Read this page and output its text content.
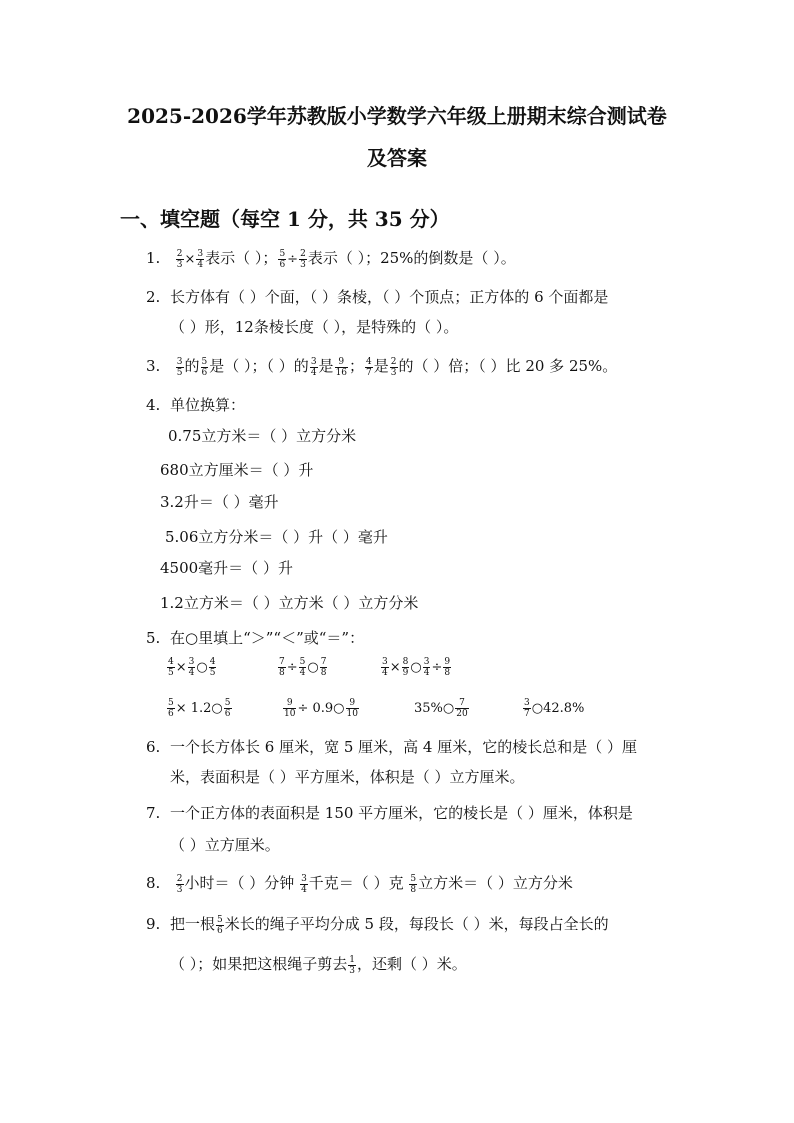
2025-2026学年苏教版小学数学六年级上册期末综合测试卷
及答案
一、填空题（每空 1 分，共 35 分）
1. $\frac{2}{3} \times \frac{3}{4}$ 表示（ ）； $\frac{5}{6} \div \frac{2}{3}$ 表示（ ）；25%的倒数是（ ）。
2. 长方体有（ ）个面，（ ）条棱，（ ）个顶点；正方体的 6 个面都是
（ ）形，12条棱长度（ ），是特殊的（ ）。
3. $\frac{3}{5}$ 的 $\frac{5}{6}$ 是（ ）；（ ）的 $\frac{3}{4}$ 是 $\frac{9}{16}$ ； $\frac{4}{7}$ 是 $\frac{2}{3}$ 的（ ）倍；（ ）比 20 多 25%。
4. 单位换算：
0.75立方米＝（ ）立方分米
680立方厘米＝（ ）升
3.2升＝（ ）毫升
5.06立方分米＝（ ）升（ ）毫升
4500毫升＝（ ）升
1.2立方米＝（ ）立方米（ ）立方分米
5. 在○里填上“＞”“＜”或“＝”：
$\frac{4}{5} \times \frac{3}{4}$ ○ $\frac{4}{5}$	$\frac{7}{8} \div \frac{5}{4}$ ○ $\frac{7}{8}$	$\frac{3}{4} \times \frac{8}{9}$ ○ $\frac{3}{4} \div \frac{9}{8}$
$\frac{5}{6}$ × 1.2○ $\frac{5}{6}$	$\frac{9}{10}$ ÷ 0.9○ $\frac{9}{10}$	35%○ $\frac{7}{20}$	$\frac{3}{7}$ ○42.8%
6. 一个长方体长 6 厘米，宽 5 厘米，高 4 厘米，它的棱长总和是（ ）厘
米，表面积是（ ）平方厘米，体积是（ ）立方厘米。
7. 一个正方体的表面积是 150 平方厘米，它的棱长是（ ）厘米，体积是
（ ）立方厘米。
8. $\frac{2}{3}$ 小时＝（ ）分钟 $\frac{3}{4}$ 千克＝（ ）克 $\frac{5}{8}$ 立方米＝（ ）立方分米
9. 把一根 $\frac{5}{6}$ 米长的绳子平均分成 5 段，每段长（ ）米，每段占全长的
（ ）；如果把这根绳子剪去 $\frac{1}{3}$ ，还剩（ ）米。
